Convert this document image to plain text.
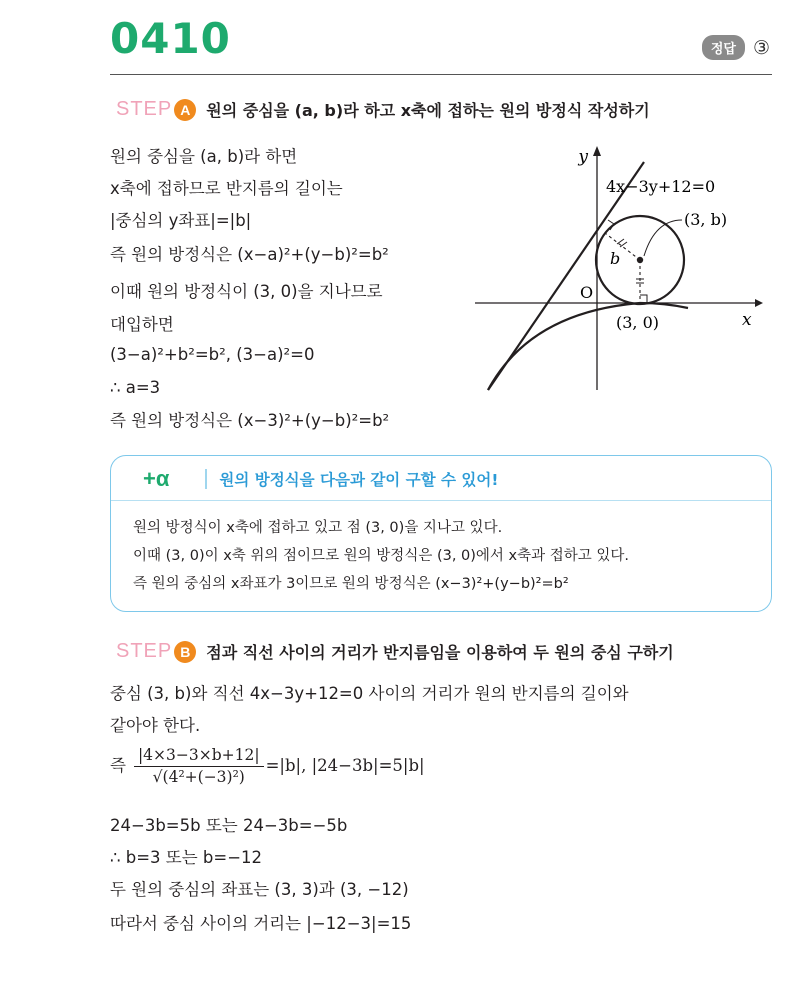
0410	정답 ③
STEP A 원의 중심을 (a, b)라 하고 x축에 접하는 원의 방정식 작성하기
원의 중심을 (a, b)라 하면
x축에 접하므로 반지름의 길이는
|중심의 y좌표|=|b|
즉 원의 방정식은 (x−a)²+(y−b)²=b²
이때 원의 방정식이 (3, 0)을 지나므로
대입하면
(3−a)²+b²=b², (3−a)²=0
∴ a=3
즉 원의 방정식은 (x−3)²+(y−b)²=b²
y
x
O
4x−3y+12=0
b
(3, b)
(3, 0)
+α	원의 방정식을 다음과 같이 구할 수 있어!
원의 방정식이 x축에 접하고 있고 점 (3, 0)을 지나고 있다.
이때 (3, 0)이 x축 위의 점이므로 원의 방정식은 (3, 0)에서 x축과 접하고 있다.
즉 원의 중심의 x좌표가 3이므로 원의 방정식은 (x−3)²+(y−b)²=b²
STEP B 점과 직선 사이의 거리가 반지름임을 이용하여 두 원의 중심 구하기
중심 (3, b)와 직선 4x−3y+12=0 사이의 거리가 원의 반지름의 길이와
같아야 한다.
즉 $\frac{|4\times 3-3\times b+12|}{\text{√(4²+(−3)²)}} =|b|$, |24−3b|=5|b|
24−3b=5b 또는 24−3b=−5b
∴ b=3 또는 b=−12
두 원의 중심의 좌표는 (3, 3)과 (3, −12)
따라서 중심 사이의 거리는 |−12−3|=15
